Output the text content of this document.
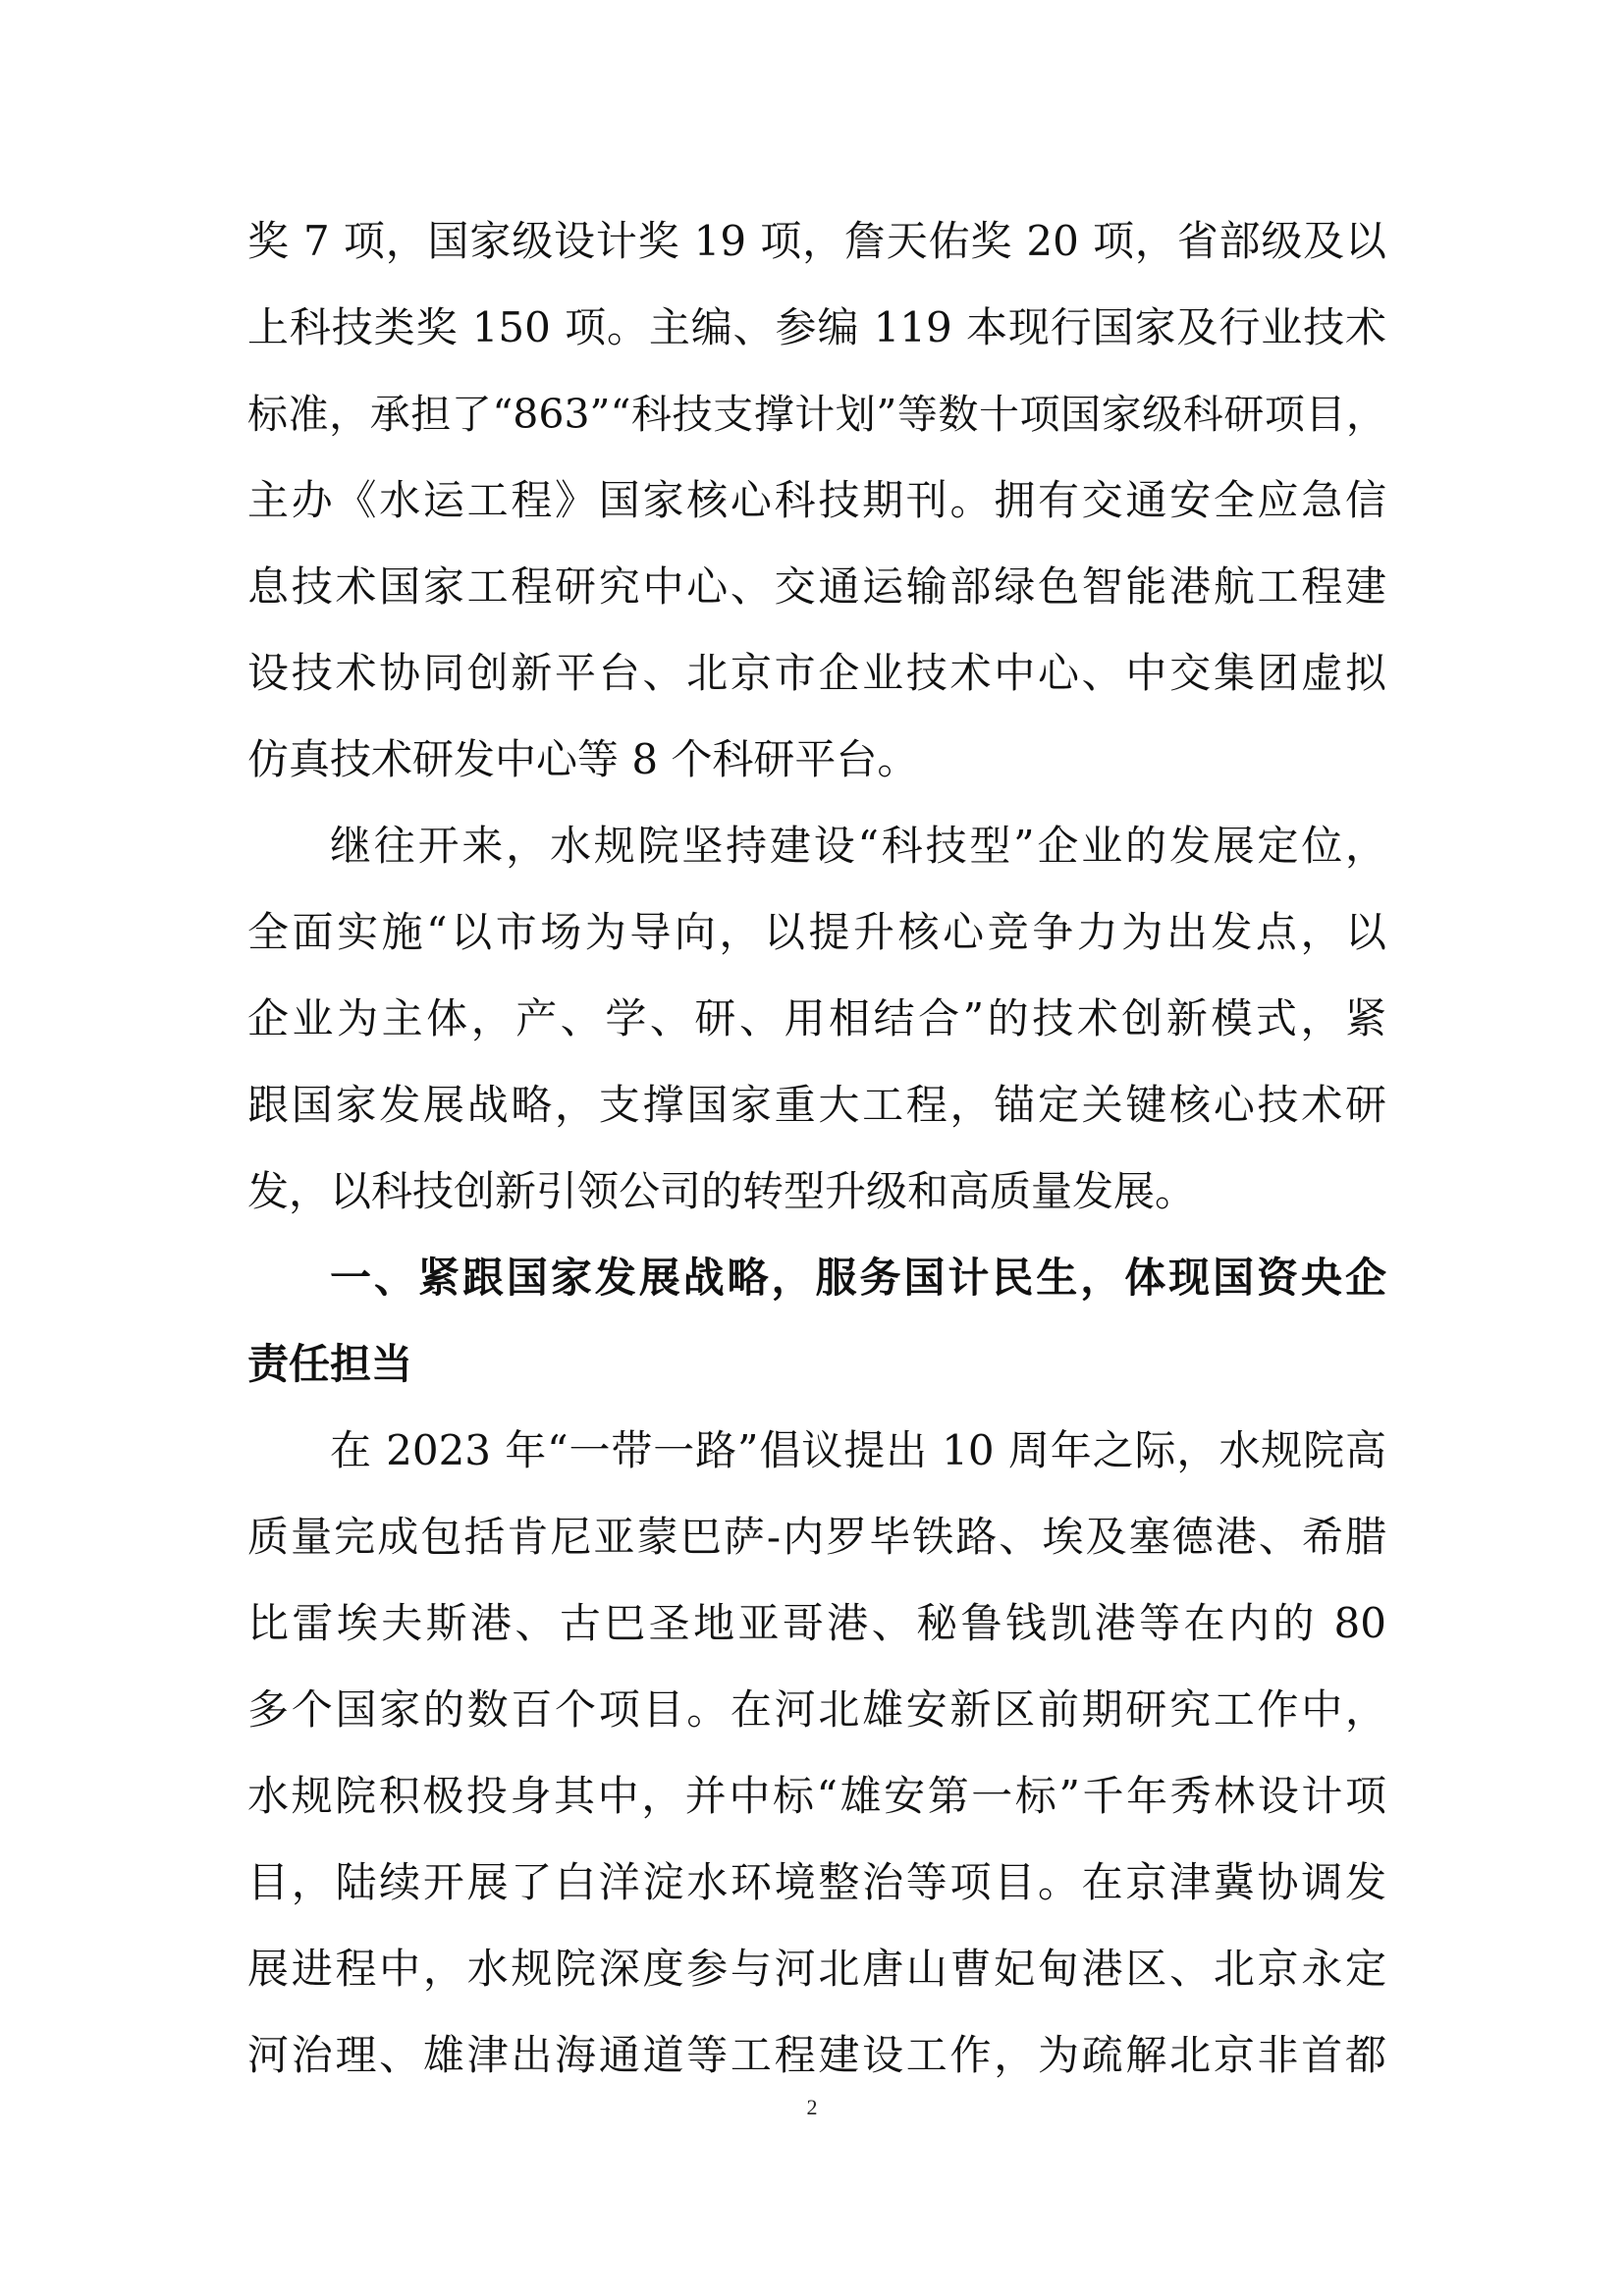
奖 7 项，国家级设计奖 19 项，詹天佑奖 20 项，省部级及以
上科技类奖 150 项。主编、参编 119 本现行国家及行业技术
标准，承担了“863”“科技支撑计划”等数十项国家级科研项目，
主办《水运工程》国家核心科技期刊。拥有交通安全应急信
息技术国家工程研究中心、交通运输部绿色智能港航工程建
设技术协同创新平台、北京市企业技术中心、中交集团虚拟
仿真技术研发中心等 8 个科研平台。
继往开来，水规院坚持建设“科技型”企业的发展定位，
全面实施“以市场为导向，以提升核心竞争力为出发点，以
企业为主体，产、学、研、用相结合”的技术创新模式，紧
跟国家发展战略，支撑国家重大工程，锚定关键核心技术研
发，以科技创新引领公司的转型升级和高质量发展。
一、紧跟国家发展战略，服务国计民生，体现国资央企
责任担当
在 2023 年“一带一路”倡议提出 10 周年之际，水规院高
质量完成包括肯尼亚蒙巴萨-内罗毕铁路、埃及塞德港、希腊
比雷埃夫斯港、古巴圣地亚哥港、秘鲁钱凯港等在内的 80
多个国家的数百个项目。在河北雄安新区前期研究工作中，
水规院积极投身其中，并中标“雄安第一标”千年秀林设计项
目，陆续开展了白洋淀水环境整治等项目。在京津冀协调发
展进程中，水规院深度参与河北唐山曹妃甸港区、北京永定
河治理、雄津出海通道等工程建设工作，为疏解北京非首都
2
